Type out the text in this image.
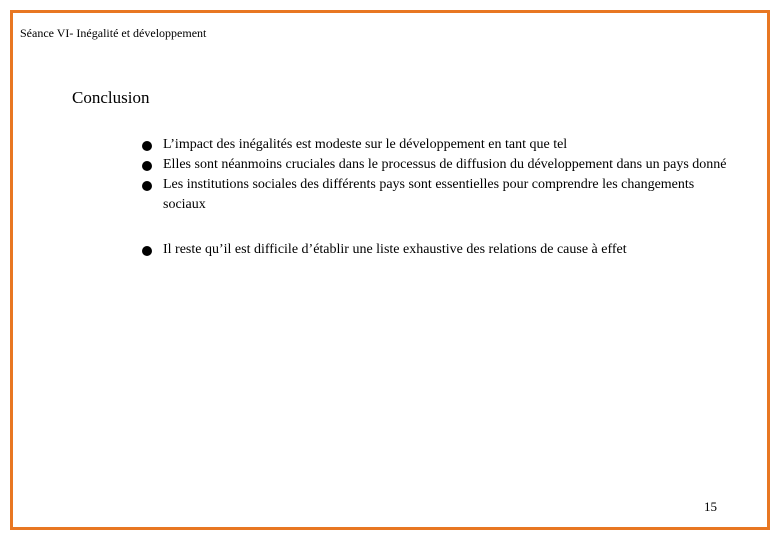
Séance VI- Inégalité et développement
Conclusion
L’impact des inégalités est modeste sur le développement en tant que tel
Elles sont néanmoins cruciales dans le processus de diffusion du développement dans un pays donné
Les institutions sociales des différents pays sont essentielles pour comprendre les changements sociaux
Il reste qu’il est difficile d’établir une liste exhaustive des relations de cause à effet
15
